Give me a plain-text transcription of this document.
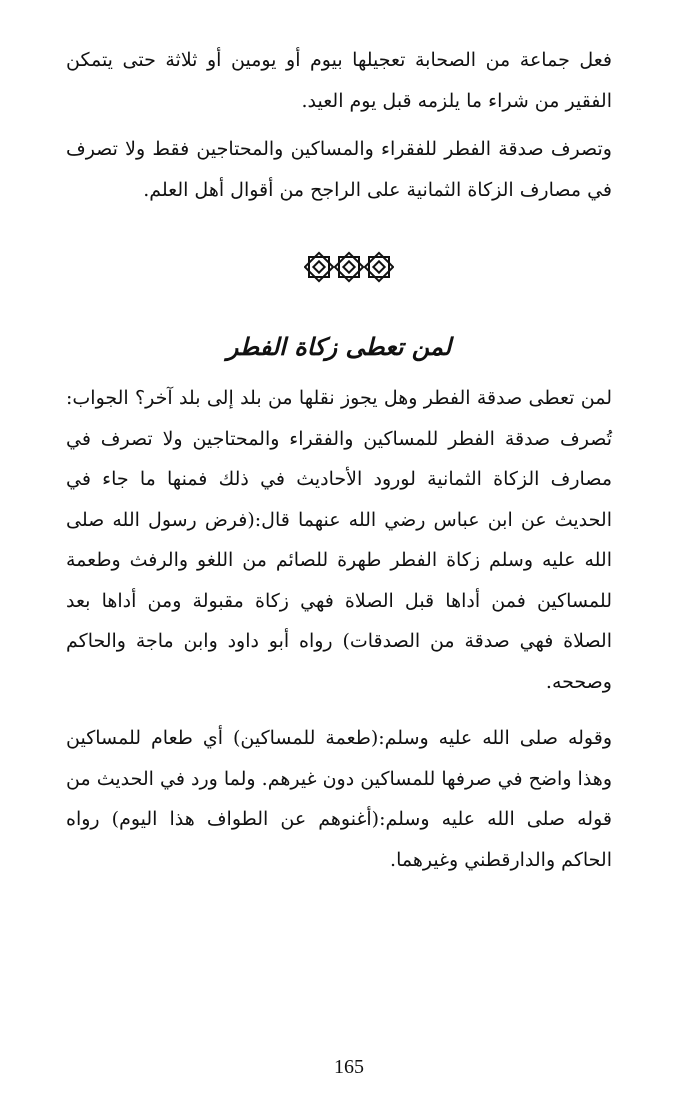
فعل جماعة من الصحابة تعجيلها بيوم أو يومين أو ثلاثة حتى يتمكن الفقير من شراء ما يلزمه قبل يوم العيد.

وتصرف صدقة الفطر للفقراء والمساكين والمحتاجين فقط ولا تصرف في مصارف الزكاة الثمانية على الراجح من أقوال أهل العلم.

لمن تعطى زكاة الفطر

لمن تعطى صدقة الفطر وهل يجوز نقلها من بلد إلى بلد آخر؟ الجواب: تُصرف صدقة الفطر للمساكين والفقراء والمحتاجين ولا تصرف في مصارف الزكاة الثمانية لورود الأحاديث في ذلك فمنها ما جاء في الحديث عن ابن عباس رضي الله عنهما قال:(فرض رسول الله صلى الله عليه وسلم زكاة الفطر طهرة للصائم من اللغو والرفث وطعمة للمساكين فمن أداها قبل الصلاة فهي زكاة مقبولة ومن أداها بعد الصلاة فهي صدقة من الصدقات) رواه أبو داود وابن ماجة والحاكم وصححه.

وقوله صلى الله عليه وسلم:(طعمة للمساكين) أي طعام للمساكين وهذا واضح في صرفها للمساكين دون غيرهم. ولما ورد في الحديث من قوله صلى الله عليه وسلم:(أغنوهم عن الطواف هذا اليوم) رواه الحاكم والدارقطني وغيرهما.

165
